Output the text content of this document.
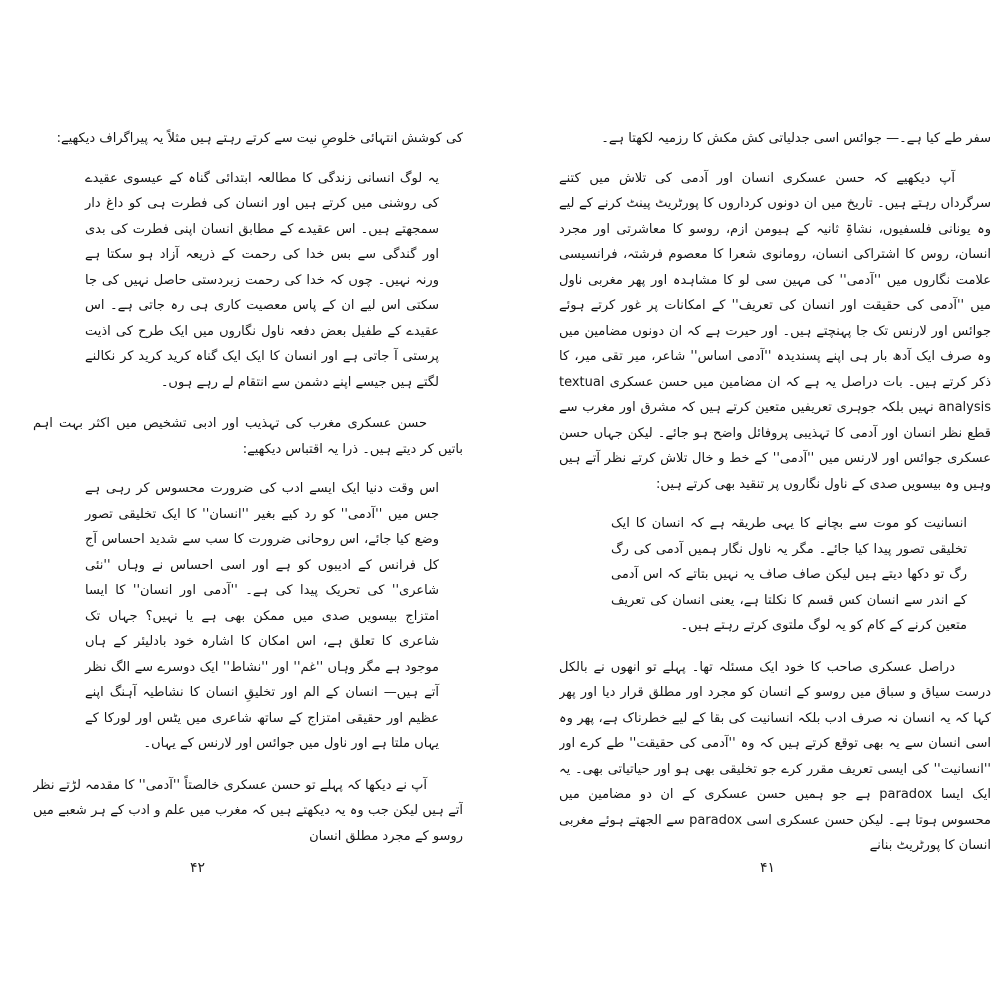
سفر طے کیا ہے۔— جوائس اسی جدلیاتی کش مکش کا رزمیہ لکھتا ہے۔

آپ دیکھیے کہ حسن عسکری انسان اور آدمی کی تلاش میں کتنے سرگرداں رہتے ہیں۔ تاریخ میں ان دونوں کرداروں کا پورٹریٹ پینٹ کرنے کے لیے وہ یونانی فلسفیوں، نشاۃِ ثانیہ کے ہیومن ازم، روسو کا معاشرتی اور مجرد انسان، روس کا اشتراکی انسان، رومانوی شعرا کا معصوم فرشتہ، فرانسیسی علامت نگاروں میں ''آدمی'' کی مہین سی لو کا مشاہدہ اور پھر مغربی ناول میں ''آدمی کی حقیقت اور انسان کی تعریف'' کے امکانات پر غور کرتے ہوئے جوائس اور لارنس تک جا پہنچتے ہیں۔ اور حیرت ہے کہ ان دونوں مضامین میں وہ صرف ایک آدھ بار ہی اپنے پسندیدہ ''آدمی اساس'' شاعر، میر تقی میر، کا ذکر کرتے ہیں۔ بات دراصل یہ ہے کہ ان مضامین میں حسن عسکری textual analysis نہیں بلکہ جوہری تعریفیں متعین کرتے ہیں کہ مشرق اور مغرب سے قطع نظر انسان اور آدمی کا تہذیبی پروفائل واضح ہو جائے۔ لیکن جہاں حسن عسکری جوائس اور لارنس میں ''آدمی'' کے خط و خال تلاش کرتے نظر آتے ہیں وہیں وہ بیسویں صدی کے ناول نگاروں پر تنقید بھی کرتے ہیں:

انسانیت کو موت سے بچانے کا یہی طریقہ ہے کہ انسان کا ایک تخلیقی تصور پیدا کیا جائے۔ مگر یہ ناول نگار ہمیں آدمی کی رگ رگ تو دکھا دیتے ہیں لیکن صاف صاف یہ نہیں بتاتے کہ اس آدمی کے اندر سے انسان کس قسم کا نکلتا ہے، یعنی انسان کی تعریف متعین کرنے کے کام کو یہ لوگ ملتوی کرتے رہتے ہیں۔

دراصل عسکری صاحب کا خود ایک مسئلہ تھا۔ پہلے تو انھوں نے بالکل درست سیاق و سباق میں روسو کے انسان کو مجرد اور مطلق قرار دیا اور پھر کہا کہ یہ انسان نہ صرف ادب بلکہ انسانیت کی بقا کے لیے خطرناک ہے، پھر وہ اسی انسان سے یہ بھی توقع کرتے ہیں کہ وہ ''آدمی کی حقیقت'' طے کرے اور ''انسانیت'' کی ایسی تعریف مقرر کرے جو تخلیقی بھی ہو اور حیاتیاتی بھی۔ یہ ایک ایسا paradox ہے جو ہمیں حسن عسکری کے ان دو مضامین میں محسوس ہوتا ہے۔ لیکن حسن عسکری اسی paradox سے الجھتے ہوئے مغربی انسان کا پورٹریٹ بنانے

کی کوشش انتہائی خلوصِ نیت سے کرتے رہتے ہیں مثلاً یہ پیراگراف دیکھیے:

یہ لوگ انسانی زندگی کا مطالعہ ابتدائی گناہ کے عیسوی عقیدے کی روشنی میں کرتے ہیں اور انسان کی فطرت ہی کو داغ دار سمجھتے ہیں۔ اس عقیدے کے مطابق انسان اپنی فطرت کی بدی اور گندگی سے بس خدا کی رحمت کے ذریعہ آزاد ہو سکتا ہے ورنہ نہیں۔ چوں کہ خدا کی رحمت زبردستی حاصل نہیں کی جا سکتی اس لیے ان کے پاس معصیت کاری ہی رہ جاتی ہے۔ اس عقیدے کے طفیل بعض دفعہ ناول نگاروں میں ایک طرح کی اذیت پرستی آ جاتی ہے اور انسان کا ایک ایک گناہ کرید کرید کر نکالنے لگتے ہیں جیسے اپنے دشمن سے انتقام لے رہے ہوں۔

حسن عسکری مغرب کی تہذیب اور ادبی تشخیص میں اکثر بہت اہم باتیں کر دیتے ہیں۔ ذرا یہ اقتباس دیکھیے:

اس وقت دنیا ایک ایسے ادب کی ضرورت محسوس کر رہی ہے جس میں ''آدمی'' کو رد کیے بغیر ''انسان'' کا ایک تخلیقی تصور وضع کیا جائے، اس روحانی ضرورت کا سب سے شدید احساس آج کل فرانس کے ادیبوں کو ہے اور اسی احساس نے وہاں ''نئی شاعری'' کی تحریک پیدا کی ہے۔ ''آدمی اور انسان'' کا ایسا امتزاج بیسویں صدی میں ممکن بھی ہے یا نہیں؟ جہاں تک شاعری کا تعلق ہے، اس امکان کا اشارہ خود بادلیئر کے ہاں موجود ہے مگر وہاں ''غم'' اور ''نشاط'' ایک دوسرے سے الگ نظر آتے ہیں— انسان کے الم اور تخلیقِ انسان کا نشاطیہ آہنگ اپنے عظیم اور حقیقی امتزاج کے ساتھ شاعری میں یٹس اور لورکا کے یہاں ملتا ہے اور ناول میں جوائس اور لارنس کے یہاں۔

آپ نے دیکھا کہ پہلے تو حسن عسکری خالصتاً ''آدمی'' کا مقدمہ لڑتے نظر آتے ہیں لیکن جب وہ یہ دیکھتے ہیں کہ مغرب میں علم و ادب کے ہر شعبے میں روسو کے مجرد مطلق انسان

۴۲	۴۱
